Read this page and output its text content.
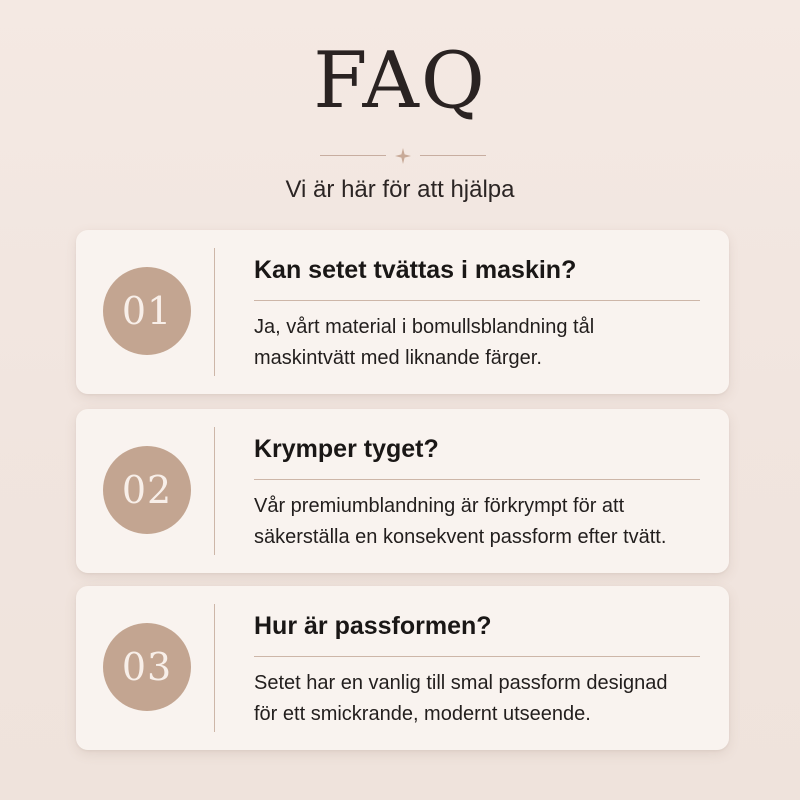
FAQ
Vi är här för att hjälpa
01
Kan setet tvättas i maskin?
Ja, vårt material i bomullsblandning tål
maskintvätt med liknande färger.
02
Krymper tyget?
Vår premiumblandning är förkrympt för att
säkerställa en konsekvent passform efter tvätt.
03
Hur är passformen?
Setet har en vanlig till smal passform designad
för ett smickrande, modernt utseende.
